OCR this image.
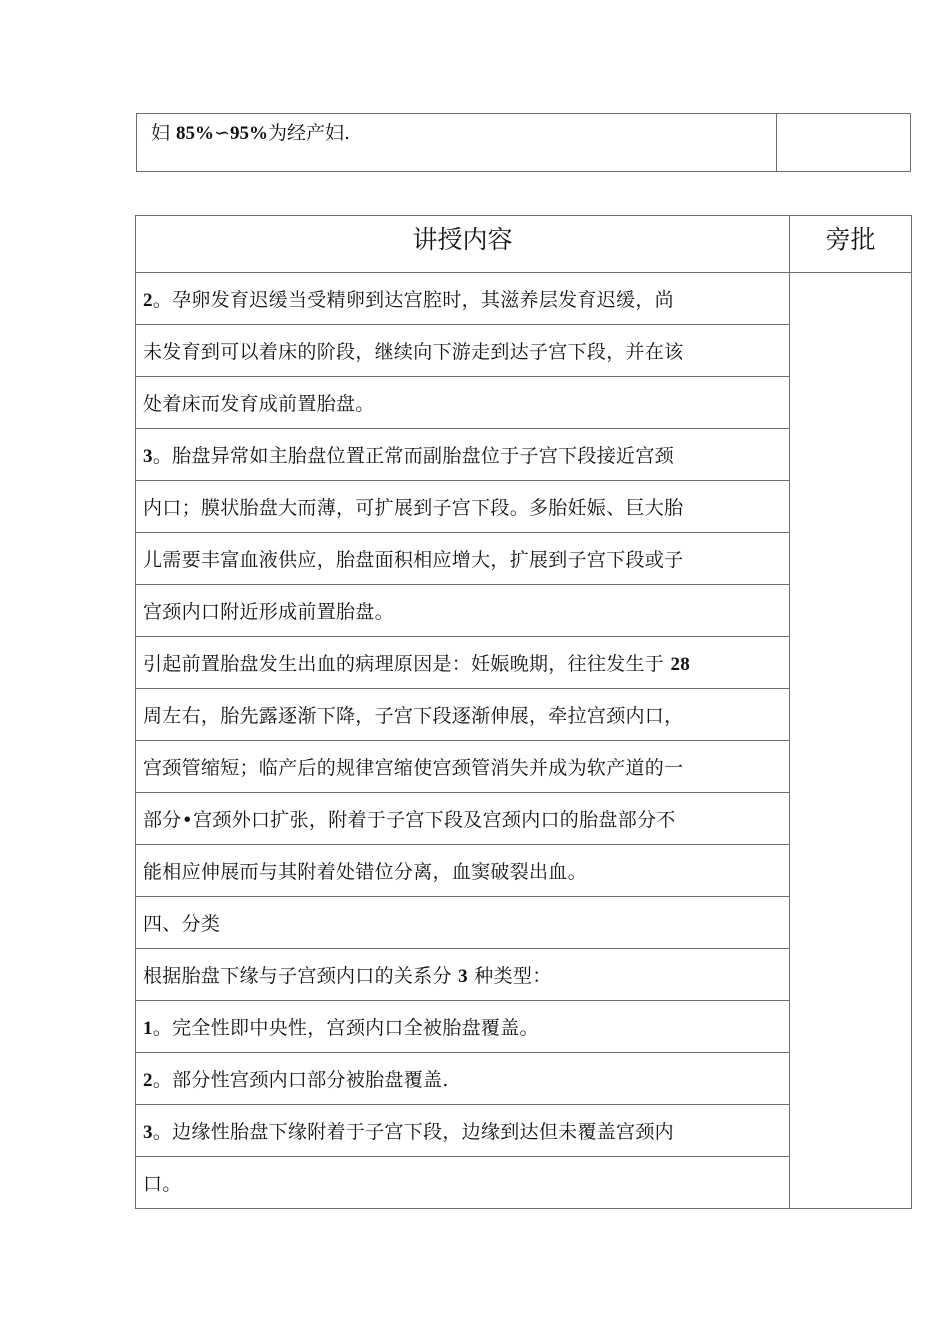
妇 85%∽95%为经产妇.	
讲授内容	旁批
2。孕卵发育迟缓当受精卵到达宫腔时，其滋养层发育迟缓，尚	
未发育到可以着床的阶段，继续向下游走到达子宫下段，并在该	
处着床而发育成前置胎盘。	
3。胎盘异常如主胎盘位置正常而副胎盘位于子宫下段接近宫颈	
内口；膜状胎盘大而薄，可扩展到子宫下段。多胎妊娠、巨大胎	
儿需要丰富血液供应，胎盘面积相应增大，扩展到子宫下段或子	
宫颈内口附近形成前置胎盘。	
引起前置胎盘发生出血的病理原因是：妊娠晚期，往往发生于 28	
周左右，胎先露逐渐下降，子宫下段逐渐伸展，牵拉宫颈内口，	
宫颈管缩短；临产后的规律宫缩使宫颈管消失并成为软产道的一	
部分•宫颈外口扩张，附着于子宫下段及宫颈内口的胎盘部分不	
能相应伸展而与其附着处错位分离，血窦破裂出血。	
四、分类	
根据胎盘下缘与子宫颈内口的关系分 3 种类型：	
1。完全性即中央性，宫颈内口全被胎盘覆盖。	
2。部分性宫颈内口部分被胎盘覆盖.	
3。边缘性胎盘下缘附着于子宫下段，边缘到达但未覆盖宫颈内	
口。	
